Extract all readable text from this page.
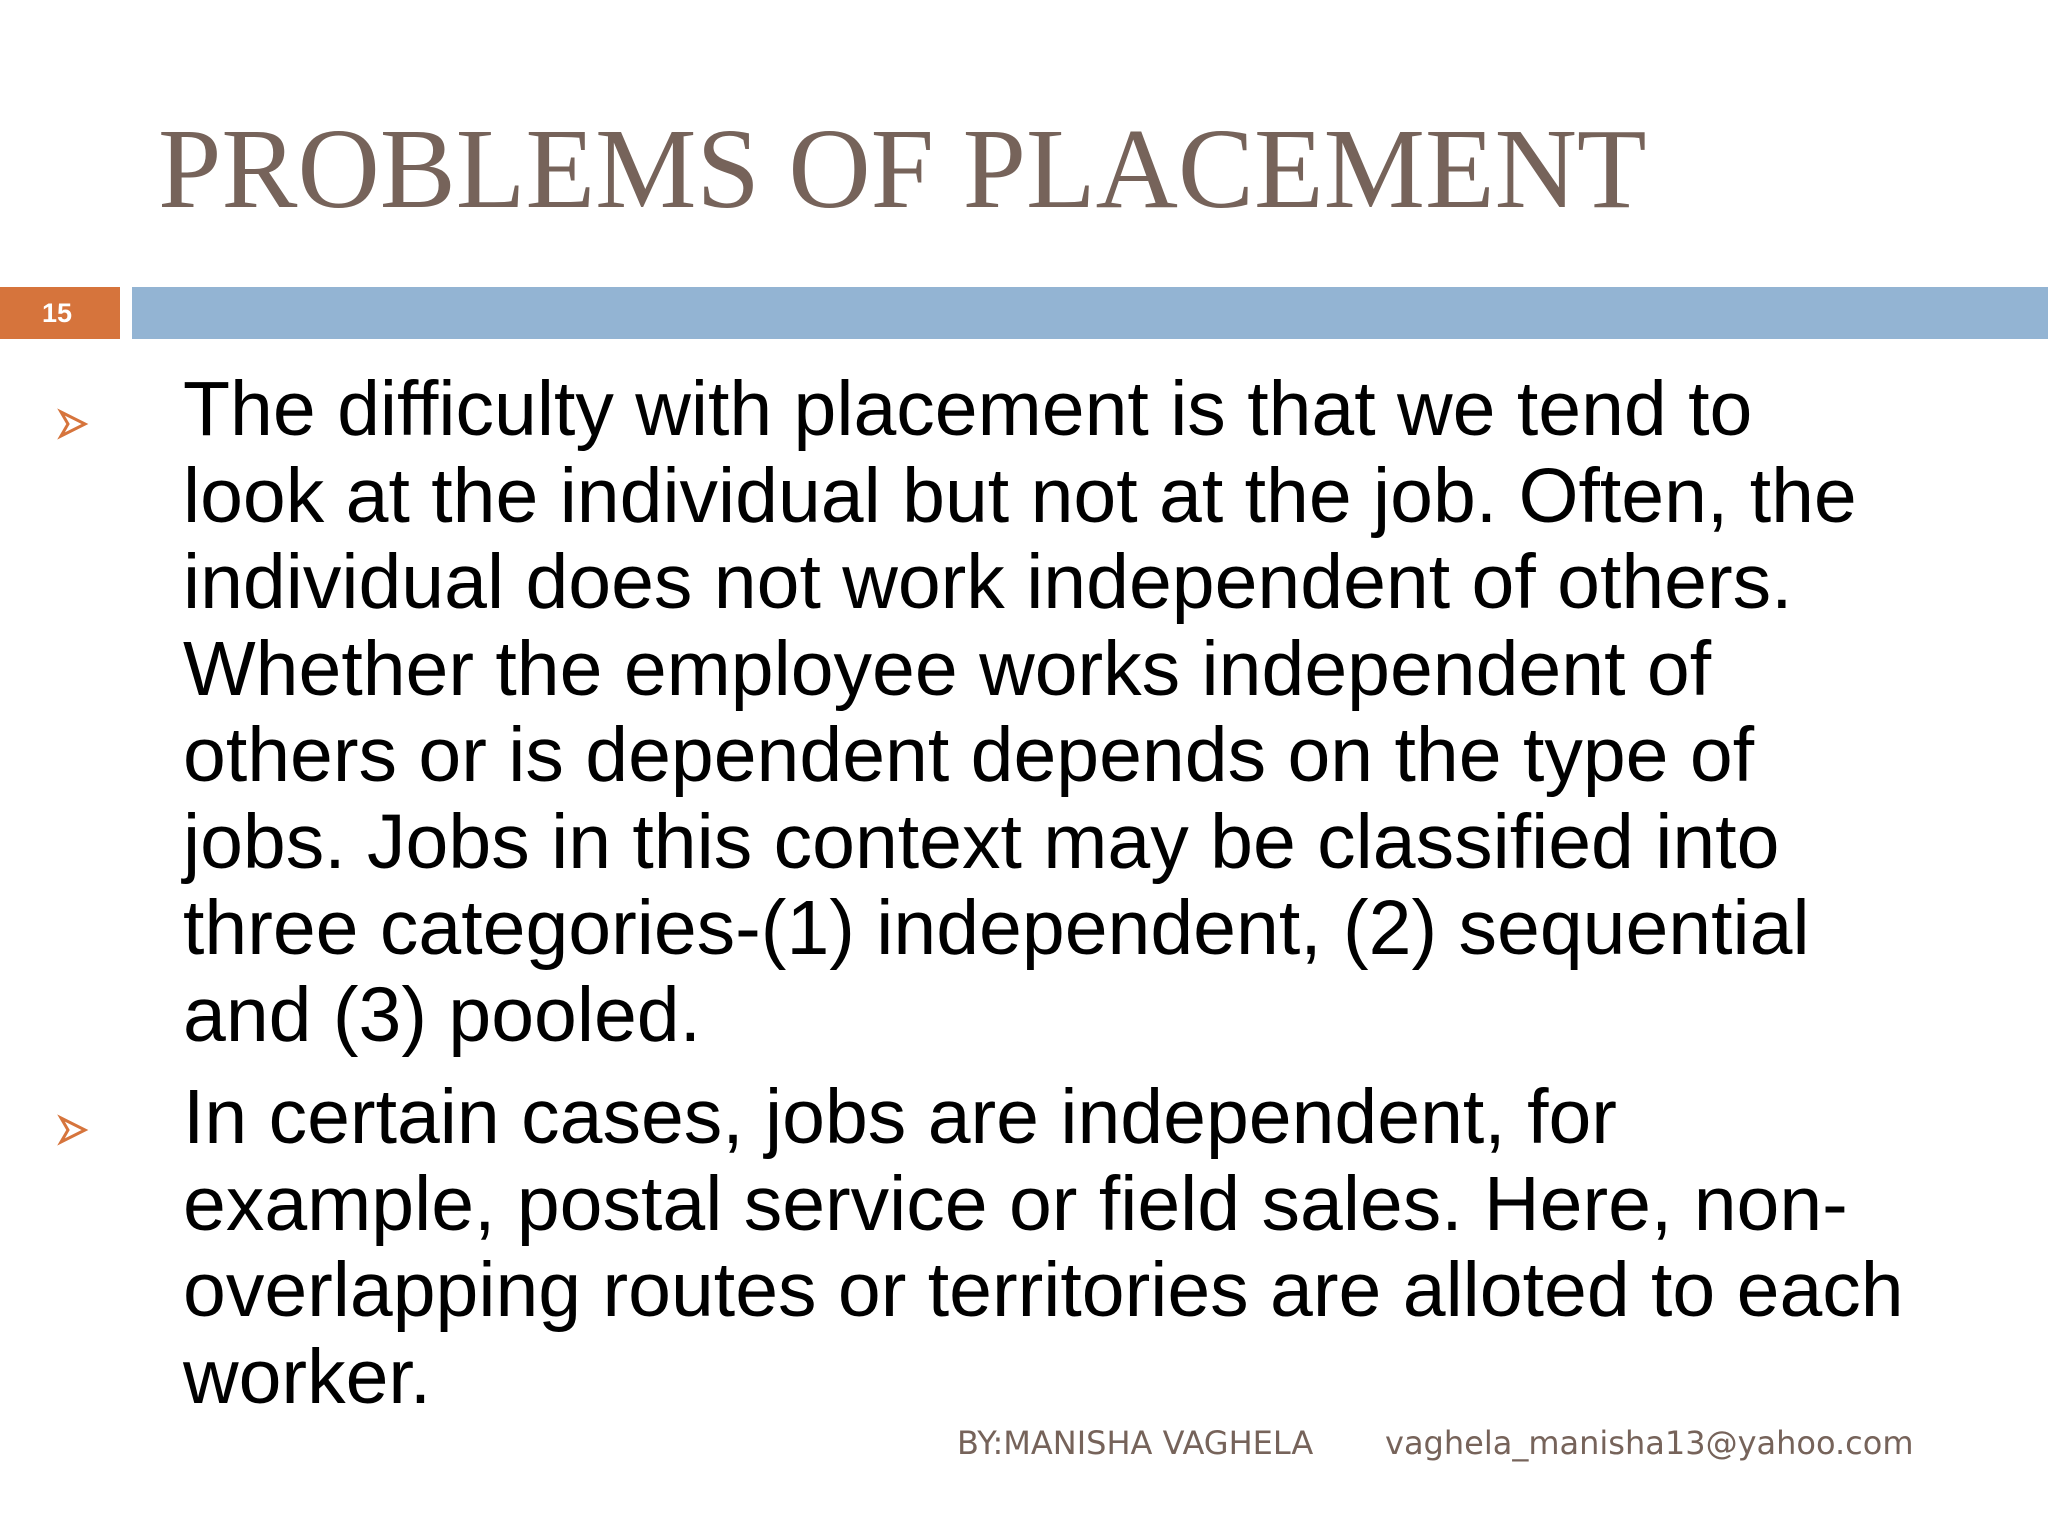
PROBLEMS OF PLACEMENT
15
The difficulty with placement is that we tend to
look at the individual but not at the job. Often, the
individual does not work independent of others.
Whether the employee works independent of
others or is dependent depends on the type of
jobs. Jobs in this context may be classified into
three categories-(1) independent, (2) sequential
and (3) pooled.
In certain cases, jobs are independent, for
example, postal service or field sales. Here, non-
overlapping routes or territories are alloted to each
worker.
BY:MANISHA VAGHELA vaghela_manisha13@yahoo.com
